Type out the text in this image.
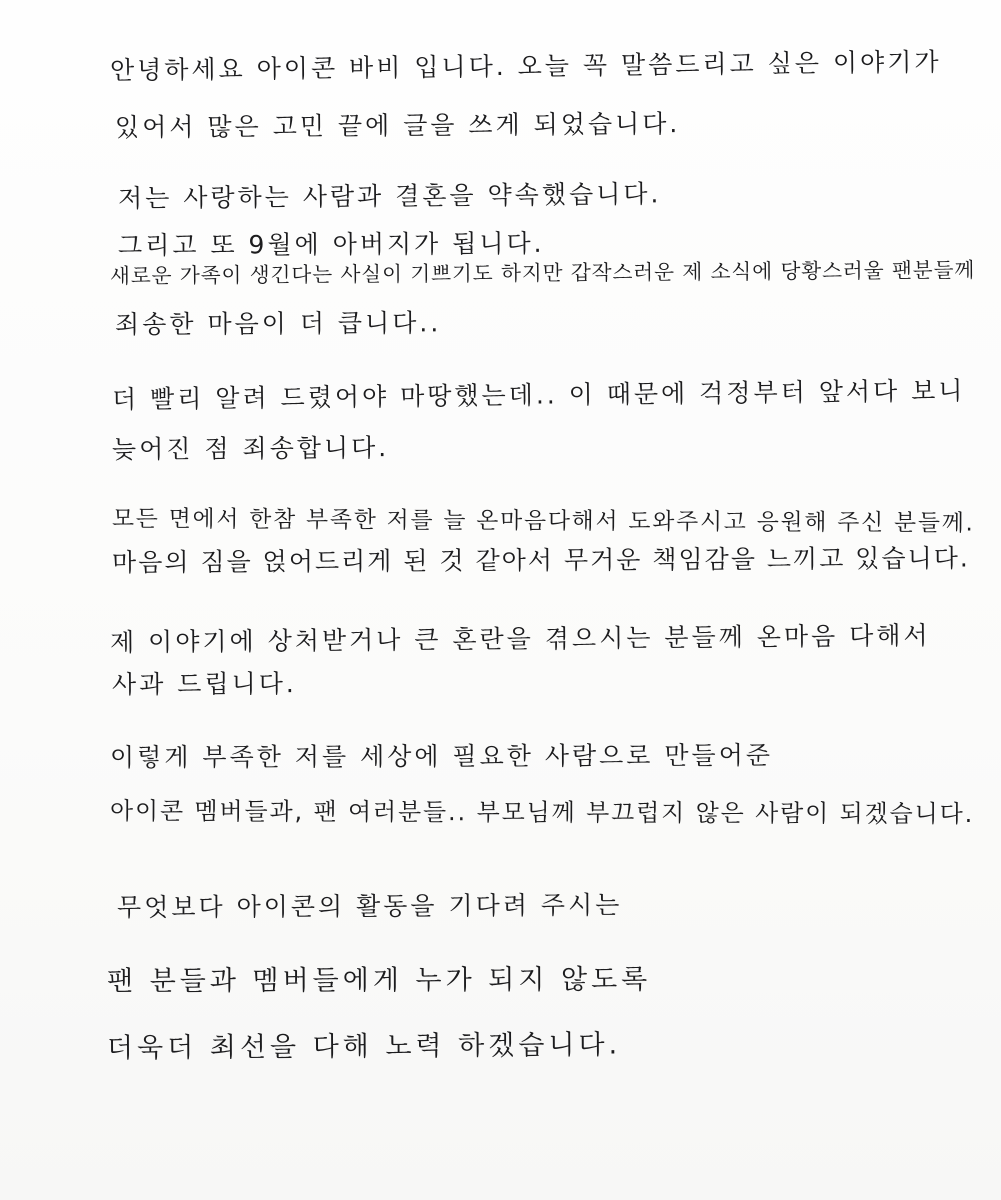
안녕하세요 아이콘 바비 입니다. 오늘 꼭 말씀드리고 싶은 이야기가

있어서 많은 고민 끝에 글을 쓰게 되었습니다.

저는 사랑하는 사람과 결혼을 약속했습니다.

그리고 또 9월에 아버지가 됩니다.

새로운 가족이 생긴다는 사실이 기쁘기도 하지만 갑작스러운 제 소식에 당황스러울 팬분들께

죄송한 마음이 더 큽니다..

더 빨리 알려 드렸어야 마땅했는데.. 이 때문에 걱정부터 앞서다 보니

늦어진 점 죄송합니다.

모든 면에서 한참 부족한 저를 늘 온마음다해서 도와주시고 응원해 주신 분들께.

마음의 짐을 얹어드리게 된 것 같아서 무거운 책임감을 느끼고 있습니다.

제 이야기에 상처받거나 큰 혼란을 겪으시는 분들께 온마음 다해서

사과 드립니다.

이렇게 부족한 저를 세상에 필요한 사람으로 만들어준

아이콘 멤버들과, 팬 여러분들.. 부모님께 부끄럽지 않은 사람이 되겠습니다.

무엇보다 아이콘의 활동을 기다려 주시는

팬 분들과 멤버들에게 누가 되지 않도록

더욱더 최선을 다해 노력 하겠습니다.
